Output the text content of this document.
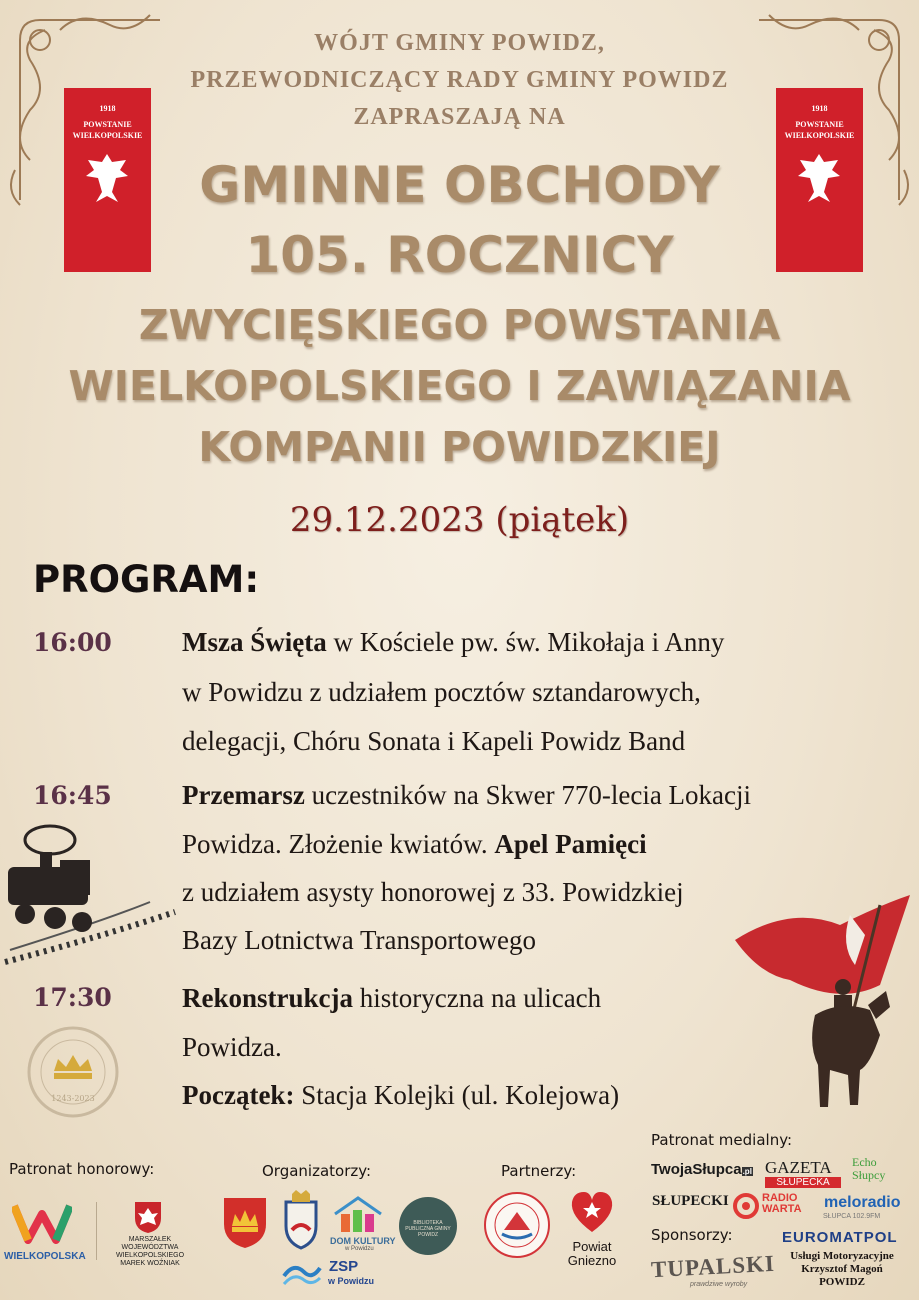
WÓJT GMINY POWIDZ,
PRZEWODNICZĄCY RADY GMINY POWIDZ
ZAPRASZAJĄ NA
1918
POWSTANIE
WIELKOPOLSKIE
1918
POWSTANIE
WIELKOPOLSKIE
GMINNE OBCHODY
105. ROCZNICY
ZWYCIĘSKIEGO POWSTANIA
WIELKOPOLSKIEGO I ZAWIĄZANIA
KOMPANII POWIDZKIEJ
29.12.2023 (piątek)
PROGRAM:
16:00	Msza Święta w Kościele pw. św. Mikołaja i Anny
w Powidzu z udziałem pocztów sztandarowych,
delegacji, Chóru Sonata i Kapeli Powidz Band
16:45	Przemarsz uczestników na Skwer 770-lecia Lokacji
Powidza. Złożenie kwiatów. Apel Pamięci
z udziałem asysty honorowej z 33. Powidzkiej
Bazy Lotnictwa Transportowego
17:30	Rekonstrukcja historyczna na ulicach
Powidza.
Początek: Stacja Kolejki (ul. Kolejowa)
1243-2023
Patronat honorowy:
WIELKOPOLSKA
MARSZAŁEK
WOJEWÓDZTWA
WIELKOPOLSKIEGO
MAREK WOŹNIAK
Organizatorzy:
DOM KULTURY
w Powidzu
BIBLIOTEKA PUBLICZNA GMINY POWIDZ
ZSP
w Powidzu
Partnerzy:
Powiat
Gniezno
Patronat medialny:
TwojaSłupca.pl GAZETA
SŁUPECKA
Echo
Słupcy
SŁUPECKI	RADIO
WARTA meloradio
SŁUPCA 102.9FM
Sponsorzy:
TUPALSKI
prawdziwe wyroby
EUROMATPOL
Usługi Motoryzacyjne
Krzysztof Magoń
POWIDZ
